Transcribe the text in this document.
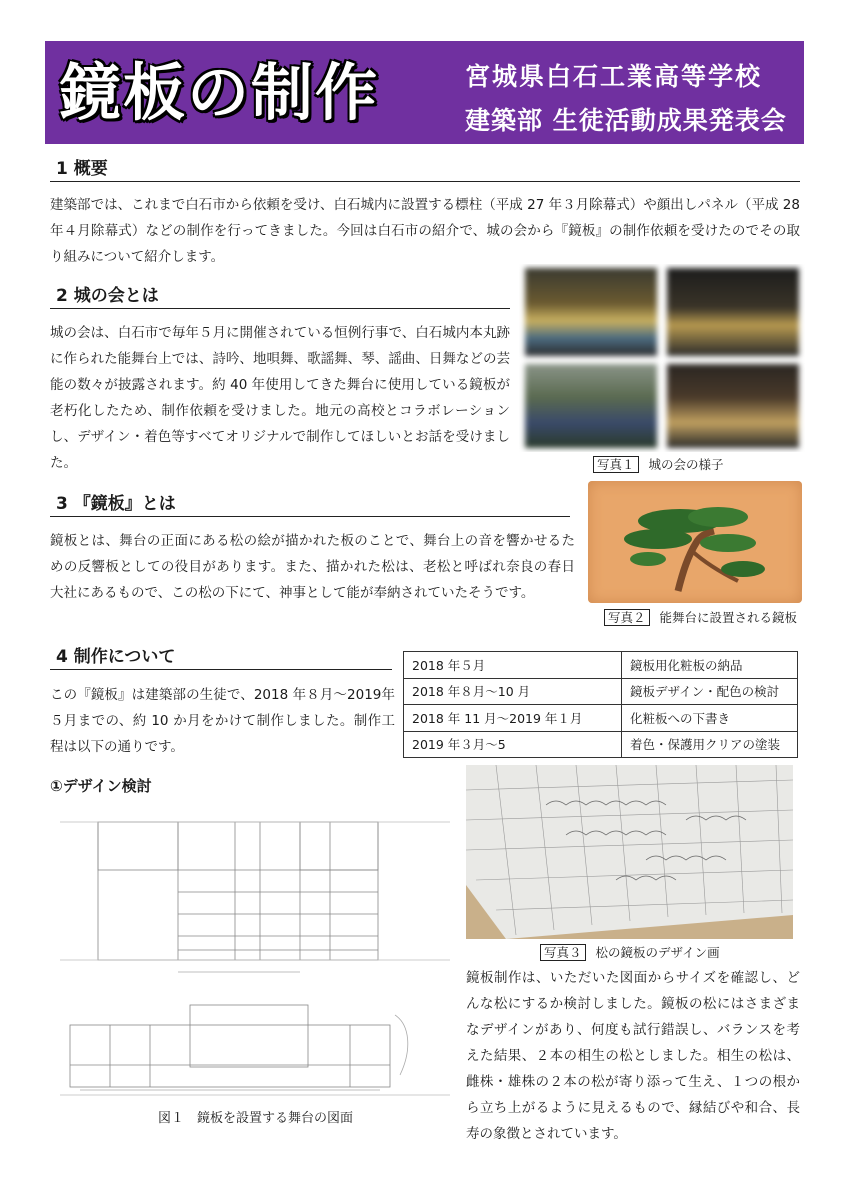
鏡板の制作	宮城県白石工業高等学校
建築部 生徒活動成果発表会
1 概要
建築部では、これまで白石市から依頼を受け、白石城内に設置する標柱（平成 27 年３月除幕式）や顔出しパネル（平成 28 年４月除幕式）などの制作を行ってきました。今回は白石市の紹介で、城の会から『鏡板』の制作依頼を受けたのでその取り組みについて紹介します。
2 城の会とは
城の会は、白石市で毎年５月に開催されている恒例行事で、白石城内本丸跡に作られた能舞台上では、詩吟、地唄舞、歌謡舞、琴、謡曲、日舞などの芸能の数々が披露されます。約 40 年使用してきた舞台に使用している鏡板が老朽化したため、制作依頼を受けました。地元の高校とコラボレーションし、デザイン・着色等すべてオリジナルで制作してほしいとお話を受けました。	写真１ 城の会の様子
3 『鏡板』とは
鏡板とは、舞台の正面にある松の絵が描かれた板のことで、舞台上の音を響かせるための反響板としての役目があります。また、描かれた松は、老松と呼ばれ奈良の春日大社にあるもので、この松の下にて、神事として能が奉納されていたそうです。
写真２ 能舞台に設置される鏡板
4 制作について
この『鏡板』は建築部の生徒で、2018 年８月～2019年５月までの、約 10 か月をかけて制作しました。制作工程は以下の通りです。
2018 年５月	鏡板用化粧板の納品
2018 年８月～10 月	鏡板デザイン・配色の検討
2018 年 11 月～2019 年１月	化粧板への下書き
2019 年３月～5	着色・保護用クリアの塗装
①デザイン検討
図１　鏡板を設置する舞台の図面
写真３ 松の鏡板のデザイン画
鏡板制作は、いただいた図面からサイズを確認し、どんな松にするか検討しました。鏡板の松にはさまざまなデザインがあり、何度も試行錯誤し、バランスを考えた結果、２本の相生の松としました。相生の松は、雌株・雄株の２本の松が寄り添って生え、１つの根から立ち上がるように見えるもので、縁結びや和合、長寿の象徴とされています。
